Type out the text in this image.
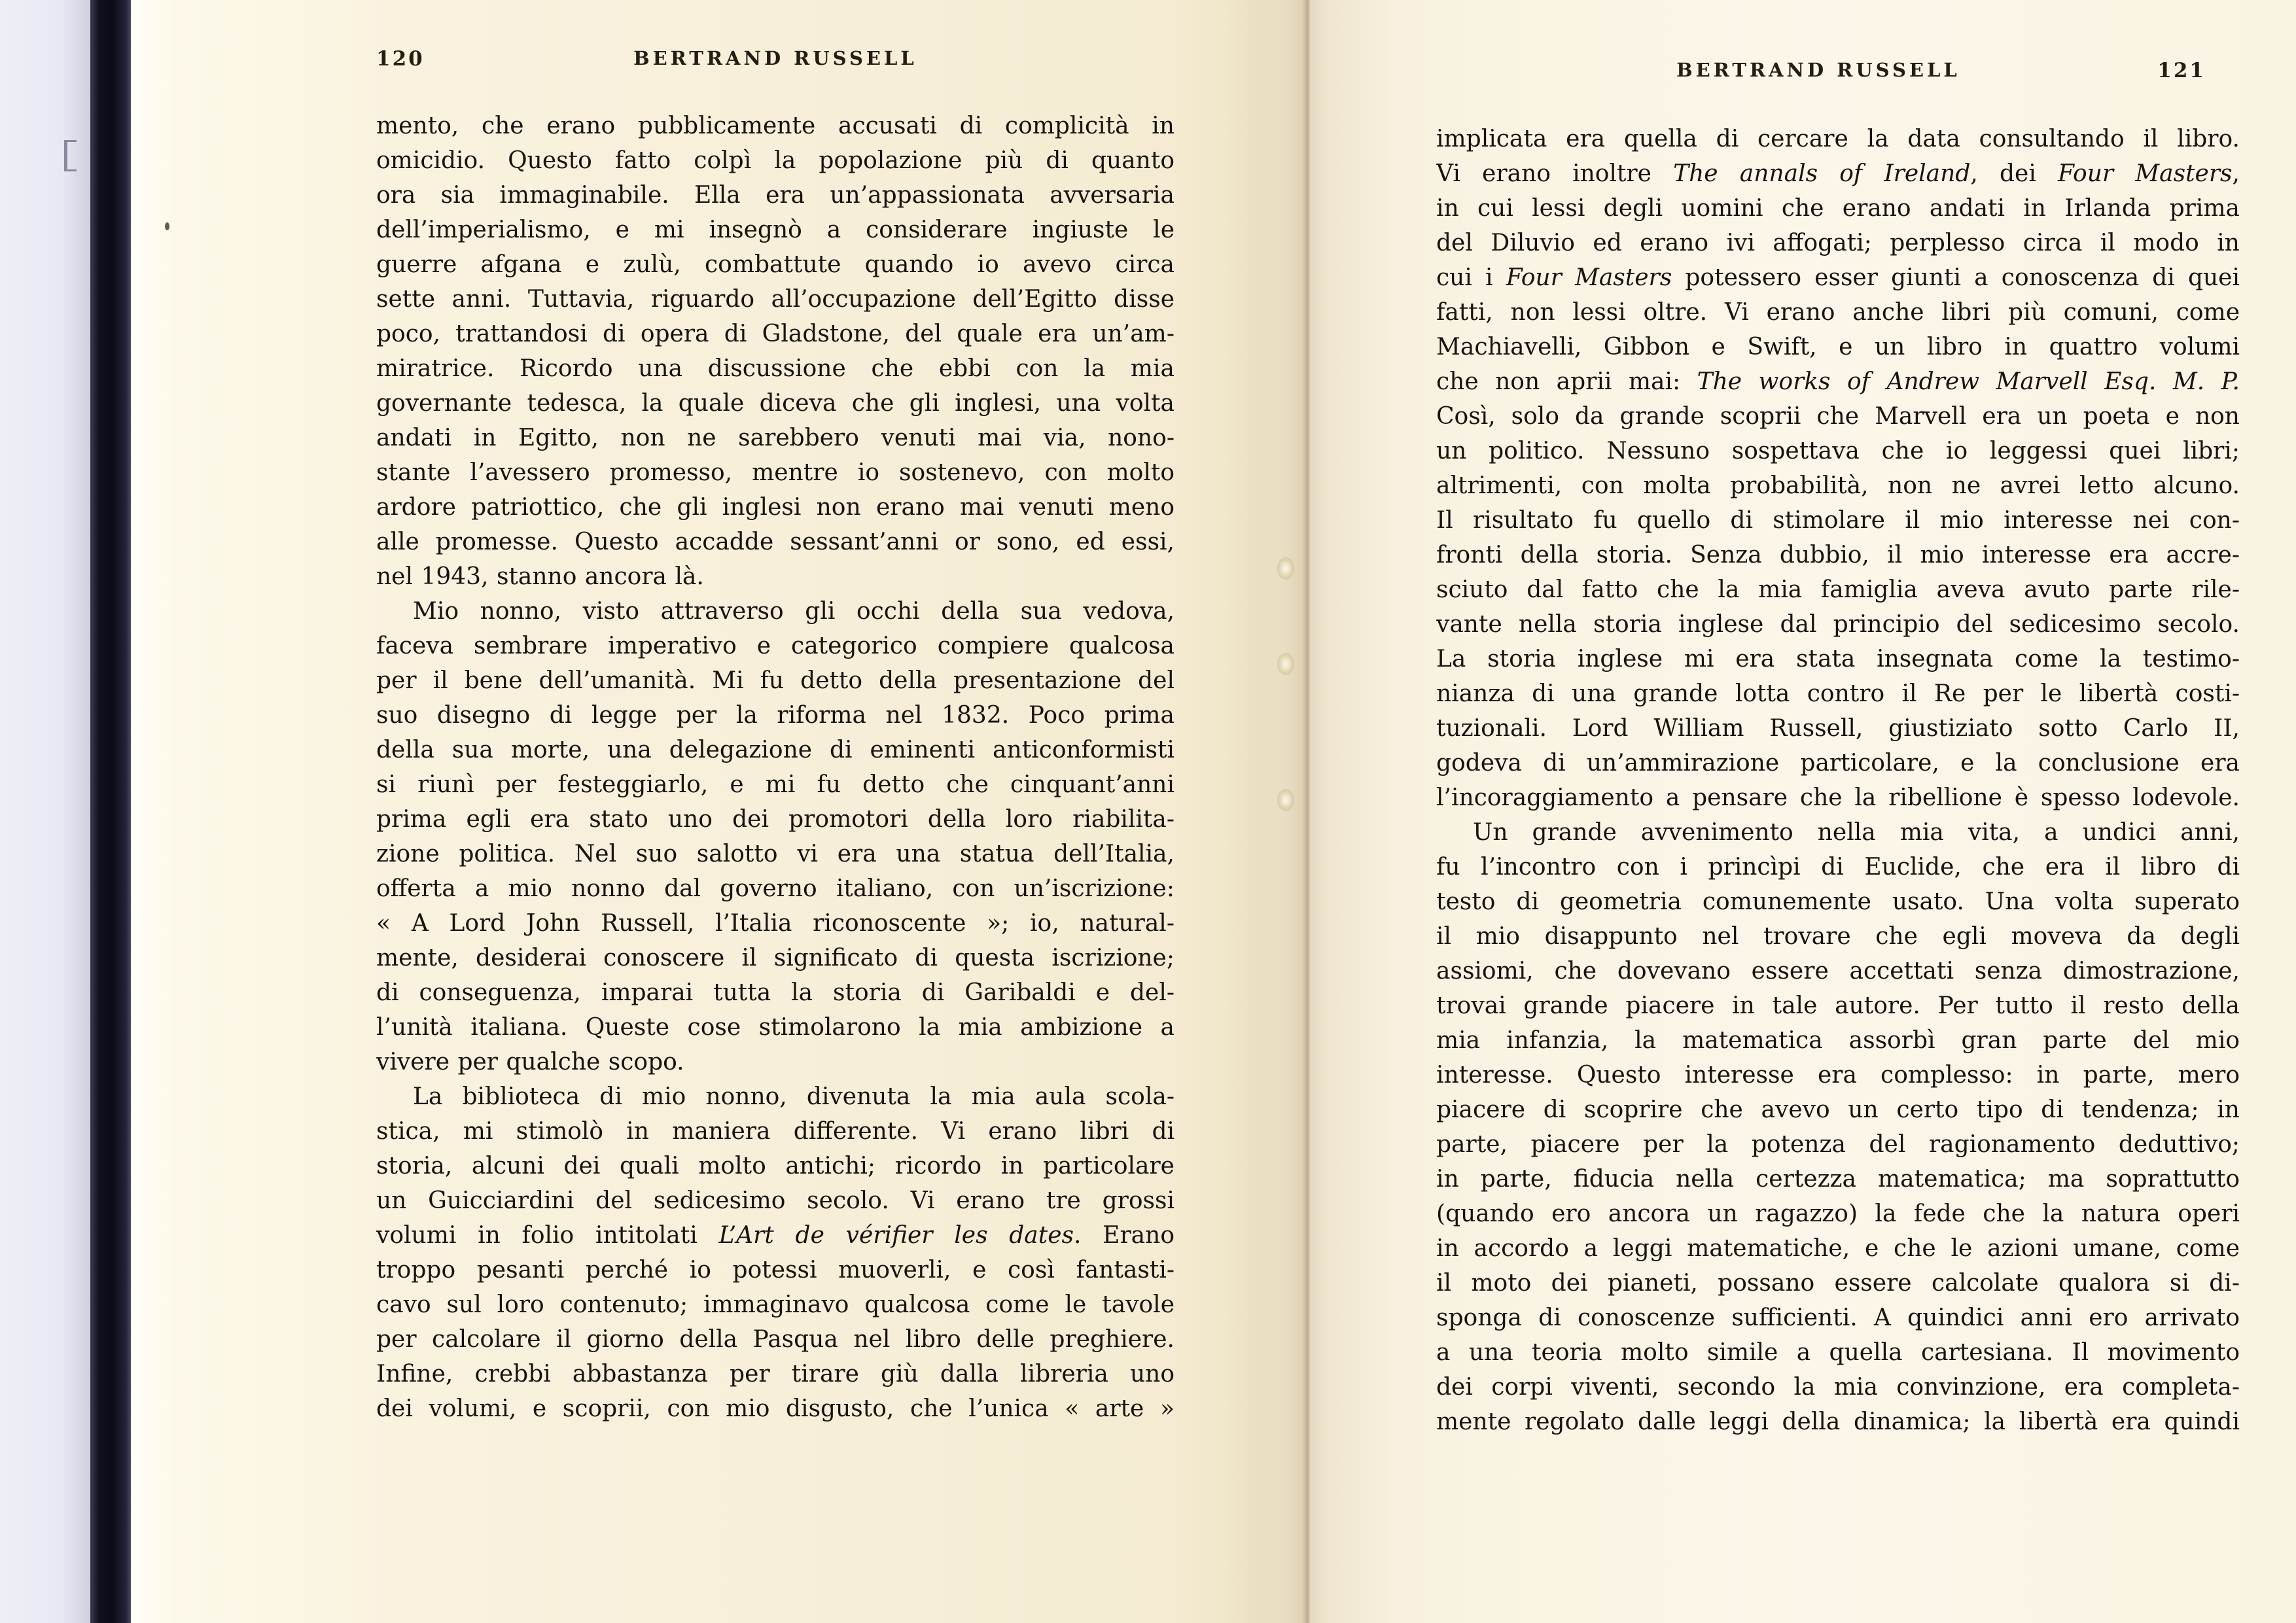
120	BERTRAND RUSSELL
mento, che erano pubblicamente accusati di complicità in
omicidio. Questo fatto colpì la popolazione più di quanto
ora sia immaginabile. Ella era un’appassionata avversaria
dell’imperialismo, e mi insegnò a considerare ingiuste le
guerre afgana e zulù, combattute quando io avevo circa
sette anni. Tuttavia, riguardo all’occupazione dell’Egitto disse
poco, trattandosi di opera di Gladstone, del quale era un’am-
miratrice. Ricordo una discussione che ebbi con la mia
governante tedesca, la quale diceva che gli inglesi, una volta
andati in Egitto, non ne sarebbero venuti mai via, nono-
stante l’avessero promesso, mentre io sostenevo, con molto
ardore patriottico, che gli inglesi non erano mai venuti meno
alle promesse. Questo accadde sessant’anni or sono, ed essi,
nel 1943, stanno ancora là.
Mio nonno, visto attraverso gli occhi della sua vedova,
faceva sembrare imperativo e categorico compiere qualcosa
per il bene dell’umanità. Mi fu detto della presentazione del
suo disegno di legge per la riforma nel 1832. Poco prima
della sua morte, una delegazione di eminenti anticonformisti
si riunì per festeggiarlo, e mi fu detto che cinquant’anni
prima egli era stato uno dei promotori della loro riabilita-
zione politica. Nel suo salotto vi era una statua dell’Italia,
offerta a mio nonno dal governo italiano, con un’iscrizione:
« A Lord John Russell, l’Italia riconoscente »; io, natural-
mente, desiderai conoscere il significato di questa iscrizione;
di conseguenza, imparai tutta la storia di Garibaldi e del-
l’unità italiana. Queste cose stimolarono la mia ambizione a
vivere per qualche scopo.
La biblioteca di mio nonno, divenuta la mia aula scola-
stica, mi stimolò in maniera differente. Vi erano libri di
storia, alcuni dei quali molto antichi; ricordo in particolare
un Guicciardini del sedicesimo secolo. Vi erano tre grossi
volumi in folio intitolati L’Art de vérifier les dates. Erano
troppo pesanti perché io potessi muoverli, e così fantasti-
cavo sul loro contenuto; immaginavo qualcosa come le tavole
per calcolare il giorno della Pasqua nel libro delle preghiere.
Infine, crebbi abbastanza per tirare giù dalla libreria uno
dei volumi, e scoprii, con mio disgusto, che l’unica « arte »
BERTRAND RUSSELL	121
implicata era quella di cercare la data consultando il libro.
Vi erano inoltre The annals of Ireland, dei Four Masters,
in cui lessi degli uomini che erano andati in Irlanda prima
del Diluvio ed erano ivi affogati; perplesso circa il modo in
cui i Four Masters potessero esser giunti a conoscenza di quei
fatti, non lessi oltre. Vi erano anche libri più comuni, come
Machiavelli, Gibbon e Swift, e un libro in quattro volumi
che non aprii mai: The works of Andrew Marvell Esq. M. P.
Così, solo da grande scoprii che Marvell era un poeta e non
un politico. Nessuno sospettava che io leggessi quei libri;
altrimenti, con molta probabilità, non ne avrei letto alcuno.
Il risultato fu quello di stimolare il mio interesse nei con-
fronti della storia. Senza dubbio, il mio interesse era accre-
sciuto dal fatto che la mia famiglia aveva avuto parte rile-
vante nella storia inglese dal principio del sedicesimo secolo.
La storia inglese mi era stata insegnata come la testimo-
nianza di una grande lotta contro il Re per le libertà costi-
tuzionali. Lord William Russell, giustiziato sotto Carlo II,
godeva di un’ammirazione particolare, e la conclusione era
l’incoraggiamento a pensare che la ribellione è spesso lodevole.
Un grande avvenimento nella mia vita, a undici anni,
fu l’incontro con i princìpi di Euclide, che era il libro di
testo di geometria comunemente usato. Una volta superato
il mio disappunto nel trovare che egli moveva da degli
assiomi, che dovevano essere accettati senza dimostrazione,
trovai grande piacere in tale autore. Per tutto il resto della
mia infanzia, la matematica assorbì gran parte del mio
interesse. Questo interesse era complesso: in parte, mero
piacere di scoprire che avevo un certo tipo di tendenza; in
parte, piacere per la potenza del ragionamento deduttivo;
in parte, fiducia nella certezza matematica; ma soprattutto
(quando ero ancora un ragazzo) la fede che la natura operi
in accordo a leggi matematiche, e che le azioni umane, come
il moto dei pianeti, possano essere calcolate qualora si di-
sponga di conoscenze sufficienti. A quindici anni ero arrivato
a una teoria molto simile a quella cartesiana. Il movimento
dei corpi viventi, secondo la mia convinzione, era completa-
mente regolato dalle leggi della dinamica; la libertà era quindi
